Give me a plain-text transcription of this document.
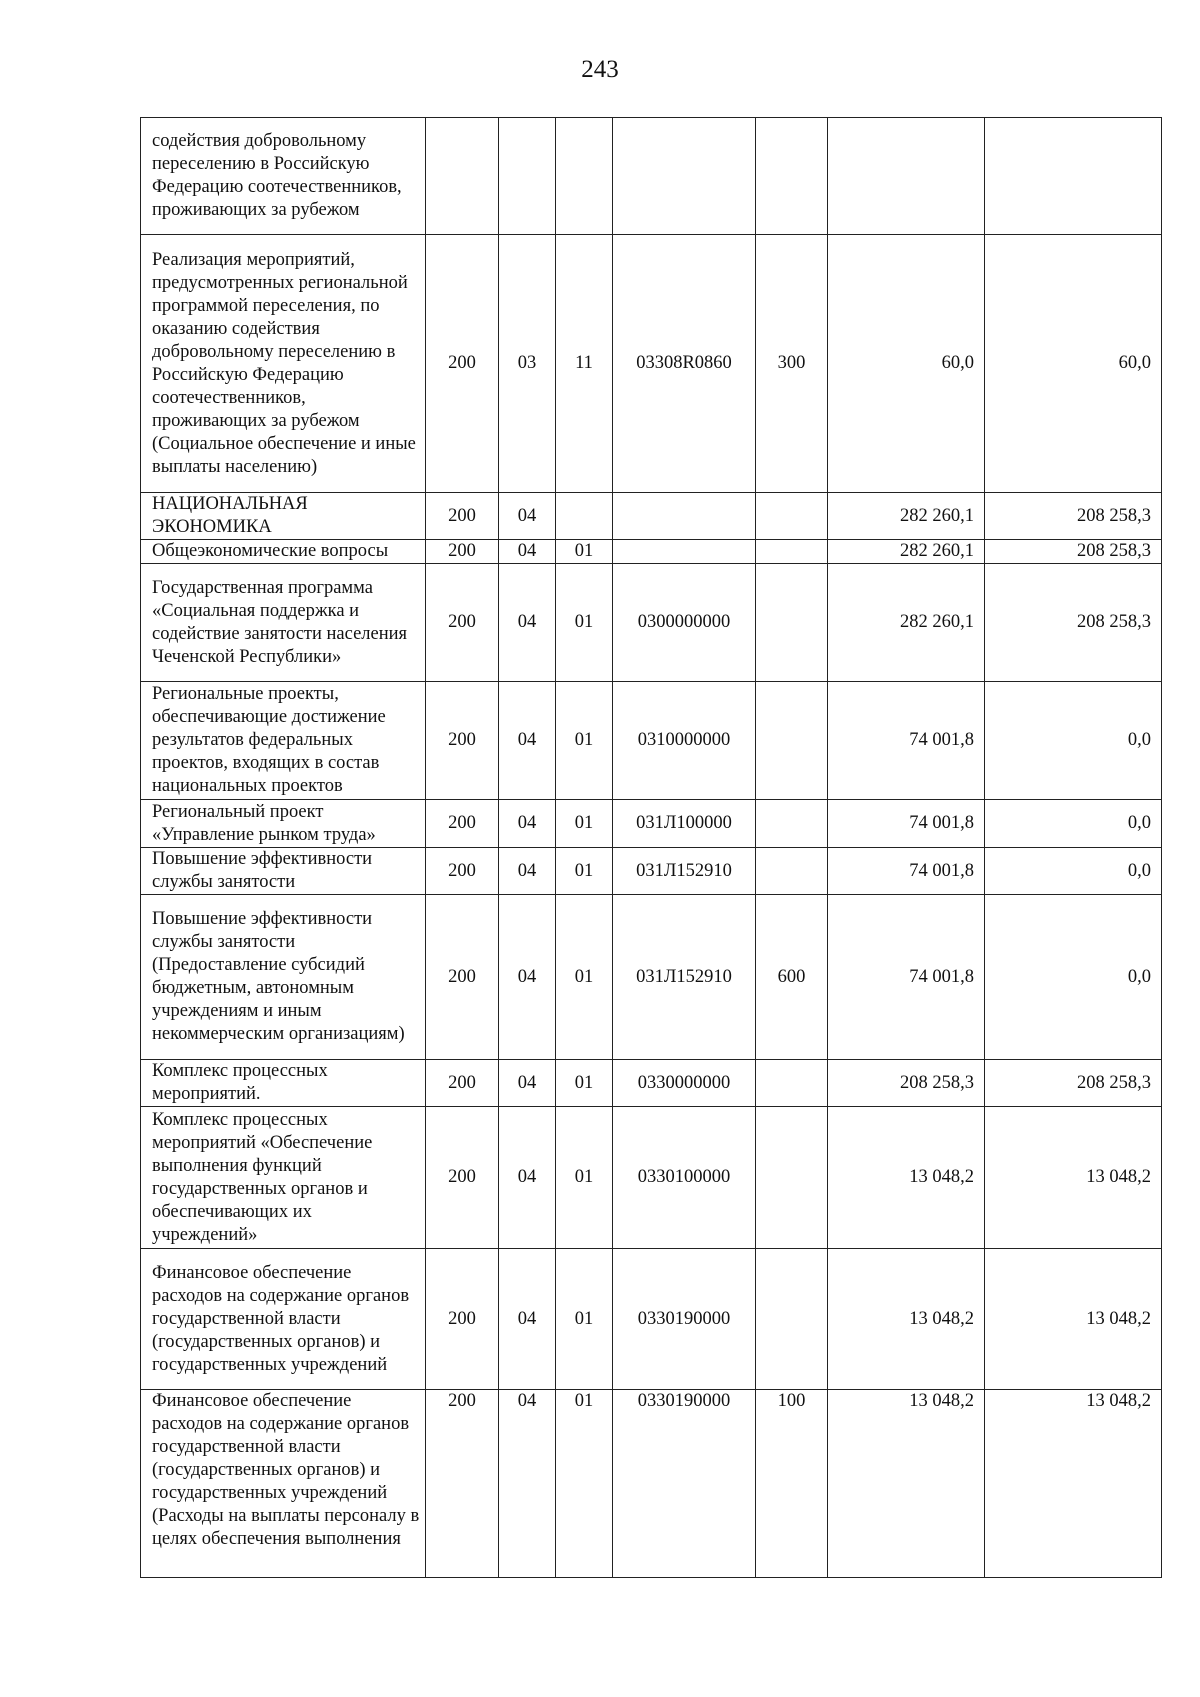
243
содействия добровольному переселению в Российскую Федерацию соотечественников, проживающих за рубежом							
Реализация мероприятий, предусмотренных региональной программой переселения, по оказанию содействия добровольному переселению в Российскую Федерацию соотечественников, проживающих за рубежом (Социальное обеспечение и иные выплаты населению)	200	03	11	03308R0860	300	60,0	60,0
НАЦИОНАЛЬНАЯ ЭКОНОМИКА	200	04				282 260,1	208 258,3
Общеэкономические вопросы	200	04	01			282 260,1	208 258,3
Государственная программа «Социальная поддержка и содействие занятости населения Чеченской Республики»	200	04	01	0300000000		282 260,1	208 258,3
Региональные проекты, обеспечивающие достижение результатов федеральных проектов, входящих в состав национальных проектов	200	04	01	0310000000		74 001,8	0,0
Региональный проект «Управление рынком труда»	200	04	01	031Л100000		74 001,8	0,0
Повышение эффективности службы занятости	200	04	01	031Л152910		74 001,8	0,0
Повышение эффективности службы занятости (Предоставление субсидий бюджетным, автономным учреждениям и иным некоммерческим организациям)	200	04	01	031Л152910	600	74 001,8	0,0
Комплекс процессных мероприятий.	200	04	01	0330000000		208 258,3	208 258,3
Комплекс процессных мероприятий «Обеспечение выполнения функций государственных органов и обеспечивающих их учреждений»	200	04	01	0330100000		13 048,2	13 048,2
Финансовое обеспечение расходов на содержание органов государственной власти (государственных органов) и государственных учреждений	200	04	01	0330190000		13 048,2	13 048,2
Финансовое обеспечение расходов на содержание органов государственной власти (государственных органов) и государственных учреждений (Расходы на выплаты персоналу в целях обеспечения выполнения	200	04	01	0330190000	100	13 048,2	13 048,2
